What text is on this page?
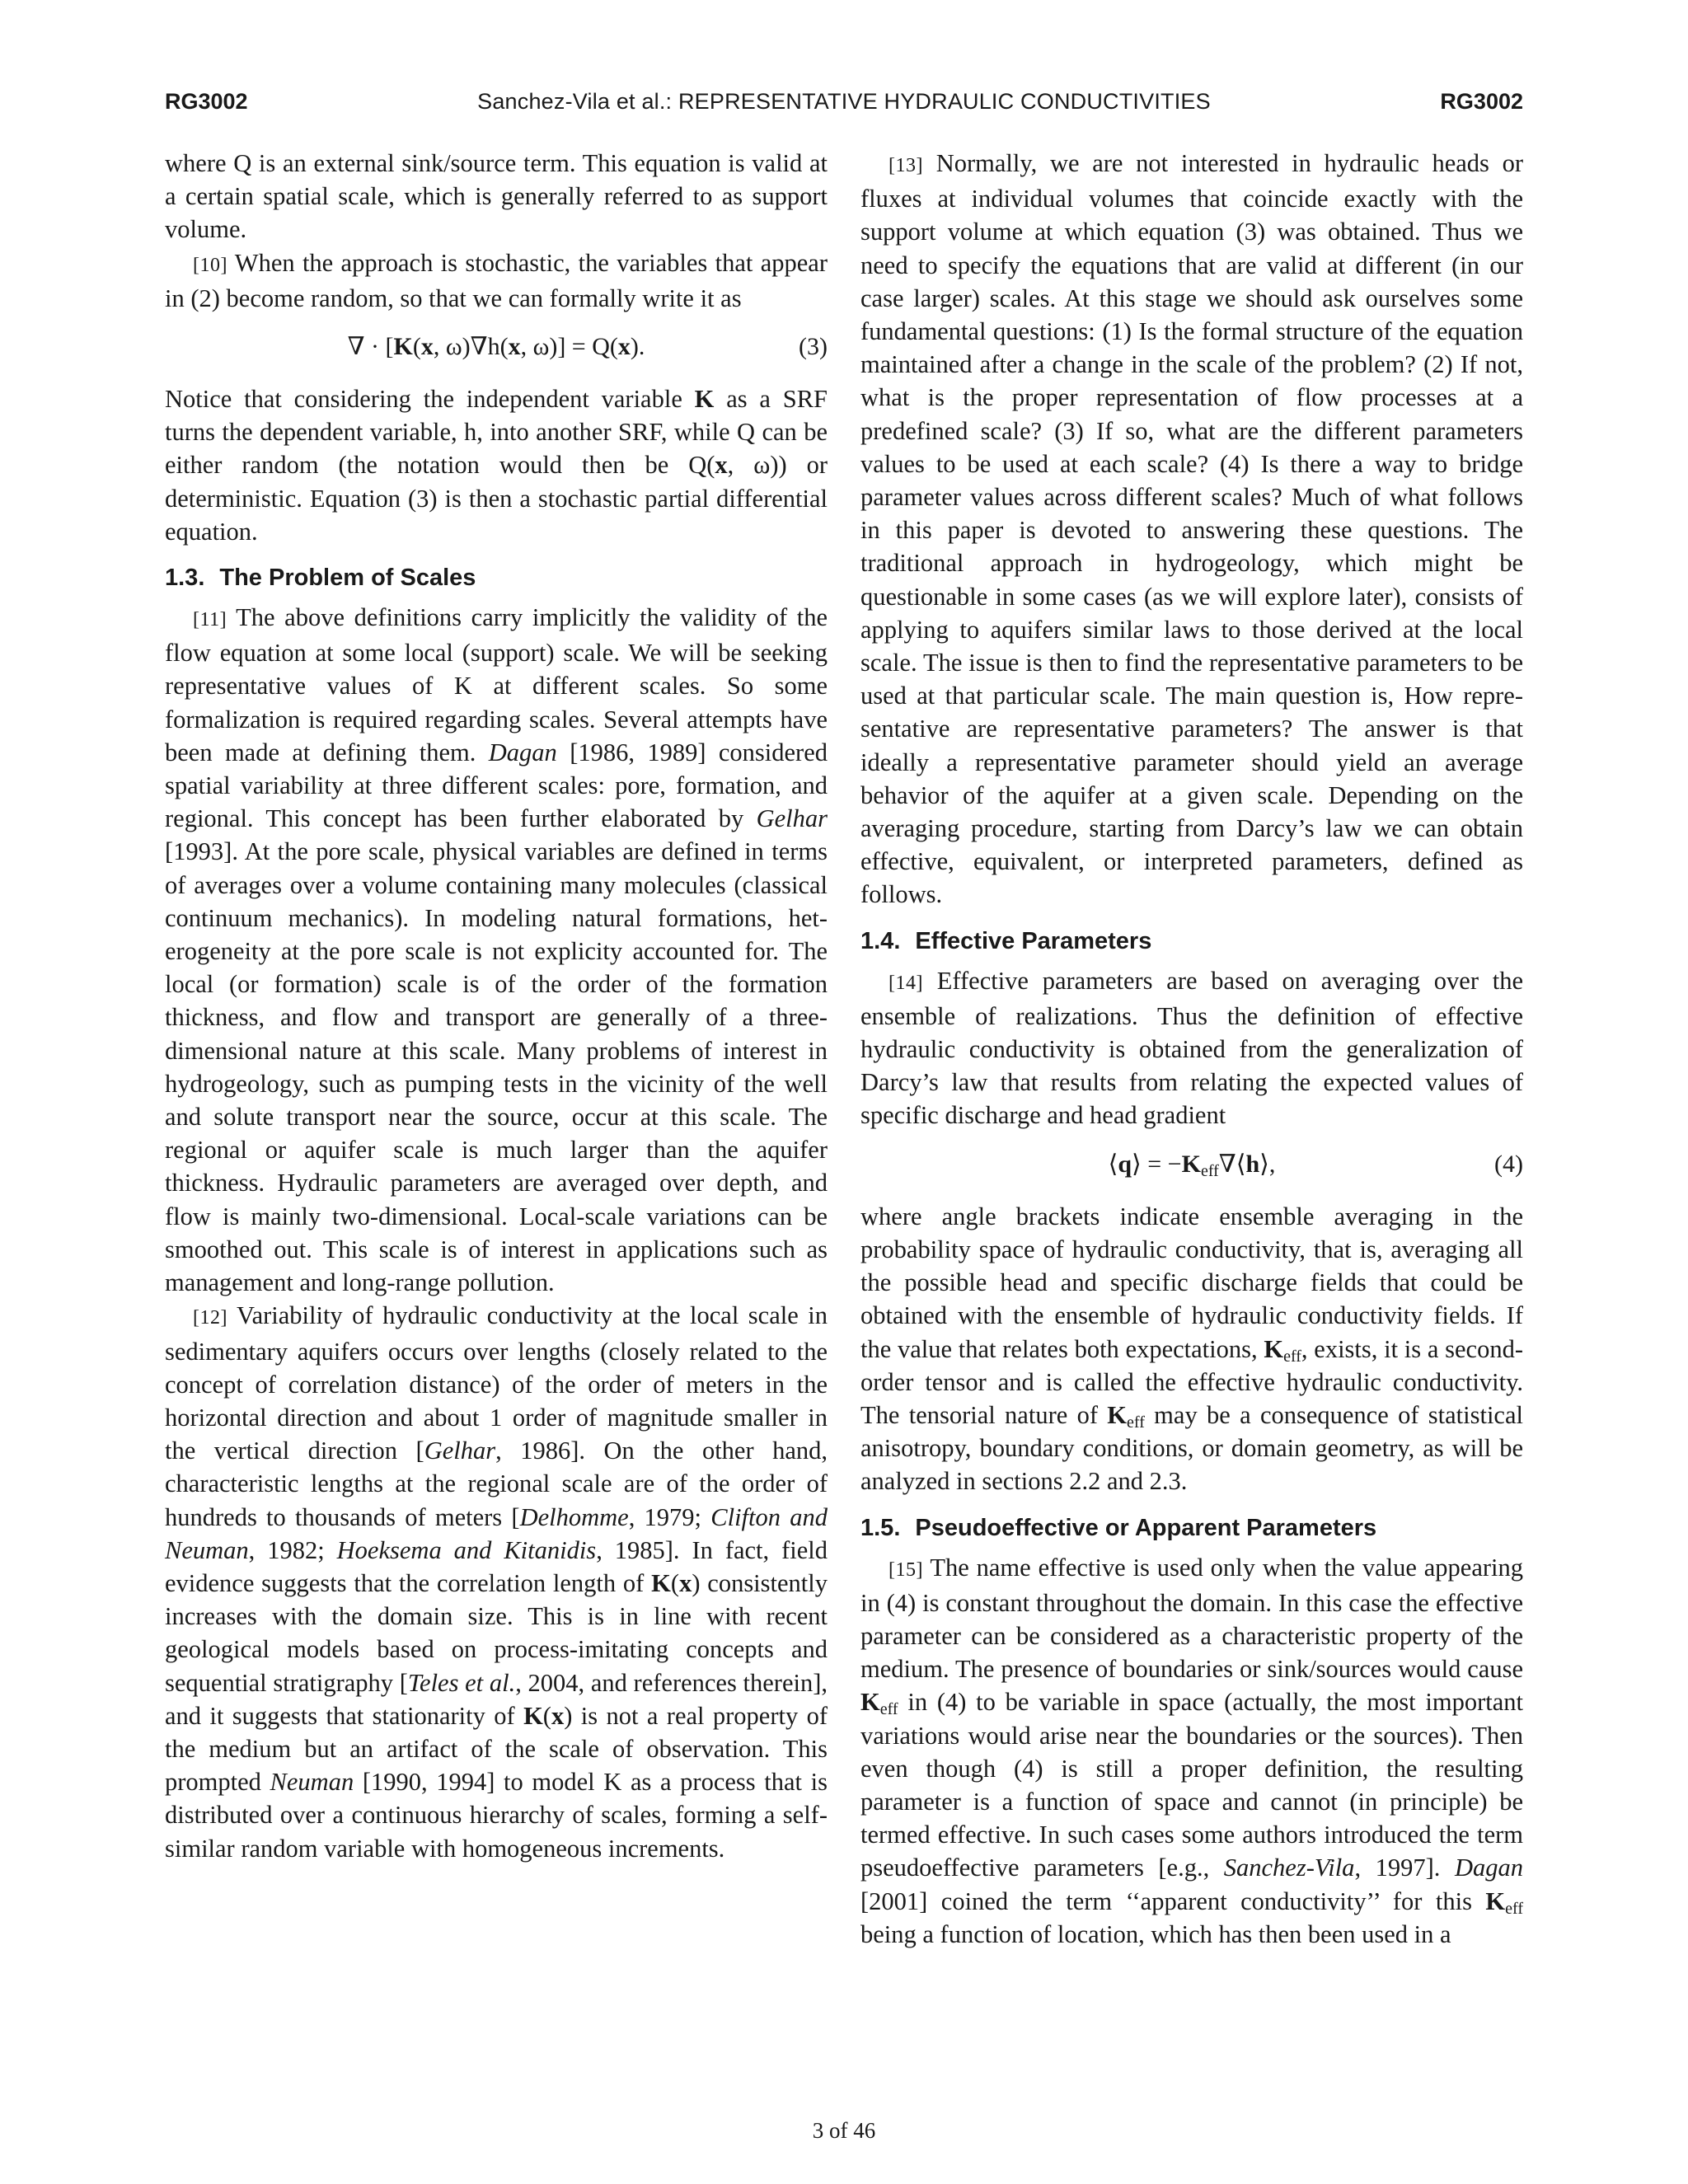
RG3002	Sanchez-Vila et al.: REPRESENTATIVE HYDRAULIC CONDUCTIVITIES	RG3002

where Q is an external sink/source term. This equation is valid at a certain spatial scale, which is generally referred to as support volume.

[10] When the approach is stochastic, the variables that appear in (2) become random, so that we can formally write it as

∇ · [K(x, ω)∇h(x, ω)] = Q(x).	(3)

Notice that considering the independent variable K as a SRF turns the dependent variable, h, into another SRF, while Q can be either random (the notation would then be Q(x, ω)) or deterministic. Equation (3) is then a stochastic partial differential equation.

1.3. The Problem of Scales

[11] The above definitions carry implicitly the validity of the flow equation at some local (support) scale. We will be seeking representative values of K at different scales. So some formalization is required regarding scales. Several attempts have been made at defining them. Dagan [1986, 1989] considered spatial variability at three different scales: pore, formation, and regional. This concept has been further elaborated by Gelhar [1993]. At the pore scale, physical variables are defined in terms of averages over a volume containing many molecules (classical continuum mechanics). In modeling natural formations, heterogeneity at the pore scale is not explicity accounted for. The local (or formation) scale is of the order of the formation thickness, and flow and transport are generally of a three-dimensional nature at this scale. Many problems of interest in hydrogeology, such as pumping tests in the vicinity of the well and solute transport near the source, occur at this scale. The regional or aquifer scale is much larger than the aquifer thickness. Hydraulic parameters are averaged over depth, and flow is mainly two-dimensional. Local-scale variations can be smoothed out. This scale is of interest in applications such as management and long-range pollution.

[12] Variability of hydraulic conductivity at the local scale in sedimentary aquifers occurs over lengths (closely related to the concept of correlation distance) of the order of meters in the horizontal direction and about 1 order of magnitude smaller in the vertical direction [Gelhar, 1986]. On the other hand, characteristic lengths at the regional scale are of the order of hundreds to thousands of meters [Delhomme, 1979; Clifton and Neuman, 1982; Hoeksema and Kitanidis, 1985]. In fact, field evidence suggests that the correlation length of K(x) consistently increases with the domain size. This is in line with recent geological models based on process-imitating concepts and sequential stratigraphy [Teles et al., 2004, and references therein], and it suggests that stationarity of K(x) is not a real property of the medium but an artifact of the scale of observation. This prompted Neuman [1990, 1994] to model K as a process that is distributed over a continuous hierarchy of scales, forming a self-similar random variable with homogeneous increments.

[13] Normally, we are not interested in hydraulic heads or fluxes at individual volumes that coincide exactly with the support volume at which equation (3) was obtained. Thus we need to specify the equations that are valid at different (in our case larger) scales. At this stage we should ask ourselves some fundamental questions: (1) Is the formal structure of the equation maintained after a change in the scale of the problem? (2) If not, what is the proper representation of flow processes at a predefined scale? (3) If so, what are the different parameters values to be used at each scale? (4) Is there a way to bridge parameter values across different scales? Much of what follows in this paper is devoted to answering these questions. The traditional approach in hydrogeology, which might be questionable in some cases (as we will explore later), consists of applying to aquifers similar laws to those derived at the local scale. The issue is then to find the representative parameters to be used at that particular scale. The main question is, How representative are representative parameters? The answer is that ideally a representative parameter should yield an average behavior of the aquifer at a given scale. Depending on the averaging procedure, starting from Darcy’s law we can obtain effective, equivalent, or interpreted parameters, defined as follows.

1.4. Effective Parameters

[14] Effective parameters are based on averaging over the ensemble of realizations. Thus the definition of effective hydraulic conductivity is obtained from the generalization of Darcy’s law that results from relating the expected values of specific discharge and head gradient

⟨q⟩ = $-K_{eff}\nabla⟨h⟩$,	(4)

where angle brackets indicate ensemble averaging in the probability space of hydraulic conductivity, that is, averaging all the possible head and specific discharge fields that could be obtained with the ensemble of hydraulic conductivity fields. If the value that relates both expectations, $K_{eff}$, exists, it is a second-order tensor and is called the effective hydraulic conductivity. The tensorial nature of $K_{eff}$ may be a consequence of statistical anisotropy, boundary conditions, or domain geometry, as will be analyzed in sections 2.2 and 2.3.

1.5. Pseudoeffective or Apparent Parameters

[15] The name effective is used only when the value appearing in (4) is constant throughout the domain. In this case the effective parameter can be considered as a characteristic property of the medium. The presence of boundaries or sink/sources would cause $K_{eff}$ in (4) to be variable in space (actually, the most important variations would arise near the boundaries or the sources). Then even though (4) is still a proper definition, the resulting parameter is a function of space and cannot (in principle) be termed effective. In such cases some authors introduced the term pseudoeffective parameters [e.g., Sanchez-Vila, 1997]. Dagan [2001] coined the term ‘‘apparent conductivity’’ for this $K_{eff}$ being a function of location, which has then been used in a

3 of 46
